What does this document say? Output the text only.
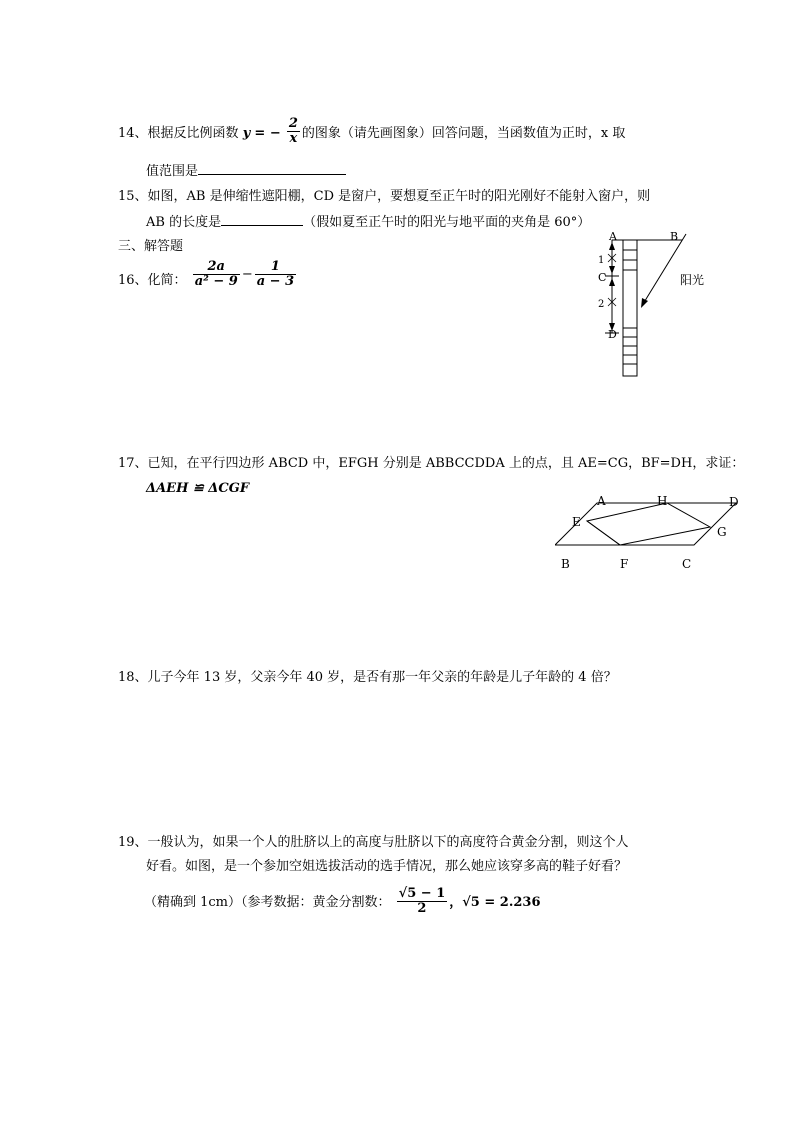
14、根据反比例函数 y = − $\frac{2}{x}$ 的图象（请先画图象）回答问题，当函数值为正时，x 取
值范围是
15、如图，AB 是伸缩性遮阳棚，CD 是窗户，要想夏至正午时的阳光刚好不能射入窗户，则
AB 的长度是	（假如夏至正午时的阳光与地平面的夹角是 60°）
三、解答题
16、化简： $\frac{2a}{\text{a² − 9}} - \frac{1}{a - 3}$
A	B
C
D
1
2
阳光
17、已知，在平行四边形 ABCD 中，EFGH 分别是 ABBCCDDA 上的点，且 AE=CG，BF=DH，求证：
ΔAEH ≌ ΔCGF
A	H	D
E
G
B	F	C
18、儿子今年 13 岁，父亲今年 40 岁，是否有那一年父亲的年龄是儿子年龄的 4 倍？
19、一般认为，如果一个人的肚脐以上的高度与肚脐以下的高度符合黄金分割，则这个人
好看。如图，是一个参加空姐选拔活动的选手情况，那么她应该穿多高的鞋子好看？
（精确到 1cm）（参考数据：黄金分割数： $\frac{√5 - 1}{2}$ ，√5 = 2.236
